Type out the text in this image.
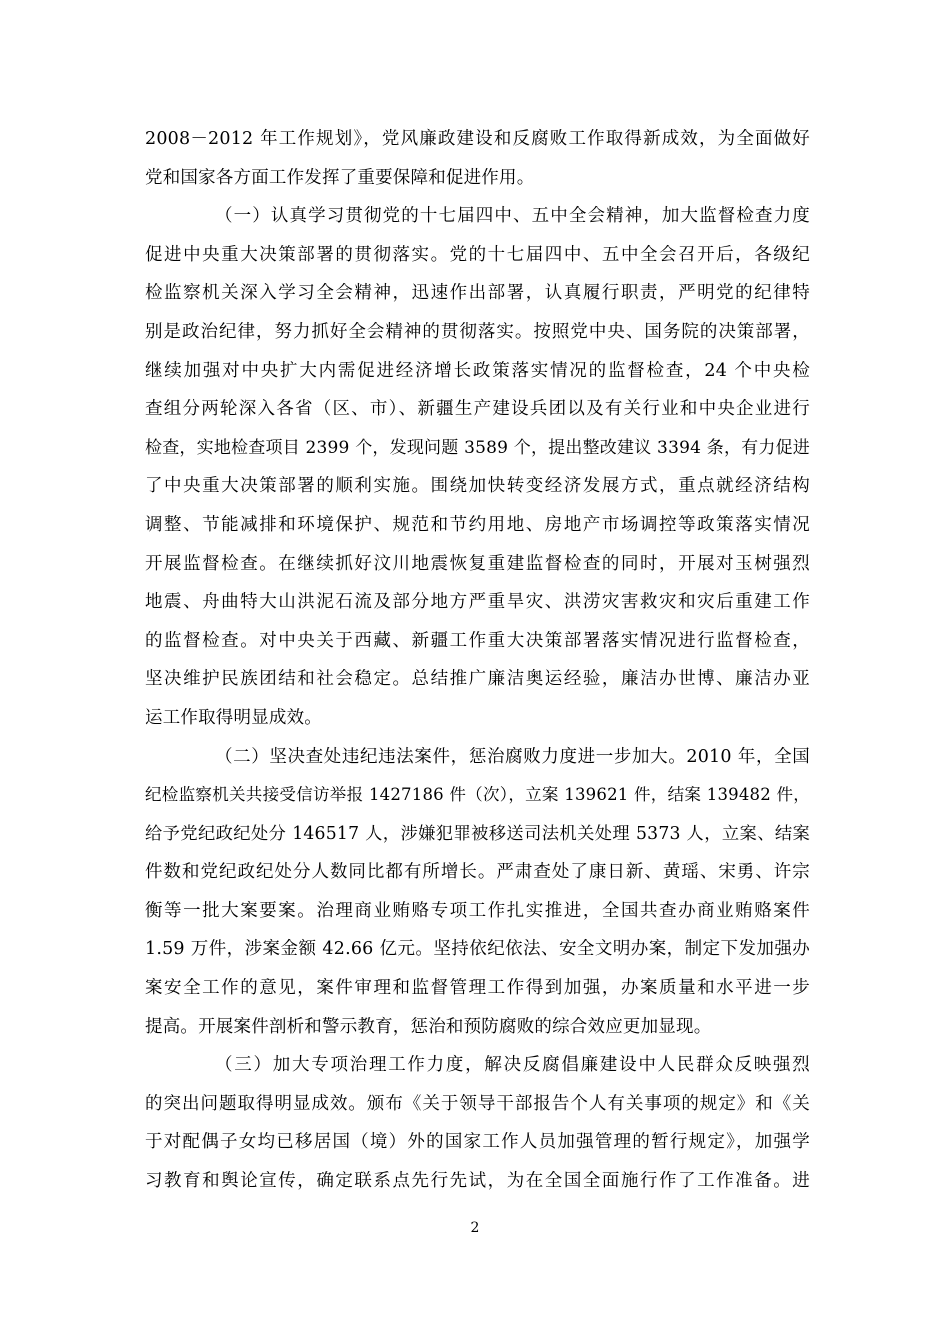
2008－2012 年工作规划》，党风廉政建设和反腐败工作取得新成效，为全面做好
党和国家各方面工作发挥了重要保障和促进作用。
（一）认真学习贯彻党的十七届四中、五中全会精神，加大监督检查力度
促进中央重大决策部署的贯彻落实。党的十七届四中、五中全会召开后，各级纪
检监察机关深入学习全会精神，迅速作出部署，认真履行职责，严明党的纪律特
别是政治纪律，努力抓好全会精神的贯彻落实。按照党中央、国务院的决策部署，
继续加强对中央扩大内需促进经济增长政策落实情况的监督检查，24 个中央检
查组分两轮深入各省（区、市）、新疆生产建设兵团以及有关行业和中央企业进行
检查，实地检查项目 2399 个，发现问题 3589 个，提出整改建议 3394 条，有力促进
了中央重大决策部署的顺利实施。围绕加快转变经济发展方式，重点就经济结构
调整、节能减排和环境保护、规范和节约用地、房地产市场调控等政策落实情况
开展监督检查。在继续抓好汶川地震恢复重建监督检查的同时，开展对玉树强烈
地震、舟曲特大山洪泥石流及部分地方严重旱灾、洪涝灾害救灾和灾后重建工作
的监督检查。对中央关于西藏、新疆工作重大决策部署落实情况进行监督检查，
坚决维护民族团结和社会稳定。总结推广廉洁奥运经验，廉洁办世博、廉洁办亚
运工作取得明显成效。
（二）坚决查处违纪违法案件，惩治腐败力度进一步加大。2010 年，全国
纪检监察机关共接受信访举报 1427186 件（次），立案 139621 件，结案 139482 件，
给予党纪政纪处分 146517 人，涉嫌犯罪被移送司法机关处理 5373 人，立案、结案
件数和党纪政纪处分人数同比都有所增长。严肃查处了康日新、黄瑶、宋勇、许宗
衡等一批大案要案。治理商业贿赂专项工作扎实推进，全国共查办商业贿赂案件
1.59 万件，涉案金额 42.66 亿元。坚持依纪依法、安全文明办案，制定下发加强办
案安全工作的意见，案件审理和监督管理工作得到加强，办案质量和水平进一步
提高。开展案件剖析和警示教育，惩治和预防腐败的综合效应更加显现。
（三）加大专项治理工作力度，解决反腐倡廉建设中人民群众反映强烈
的突出问题取得明显成效。颁布《关于领导干部报告个人有关事项的规定》和《关
于对配偶子女均已移居国（境）外的国家工作人员加强管理的暂行规定》，加强学
习教育和舆论宣传，确定联系点先行先试，为在全国全面施行作了工作准备。进
2
